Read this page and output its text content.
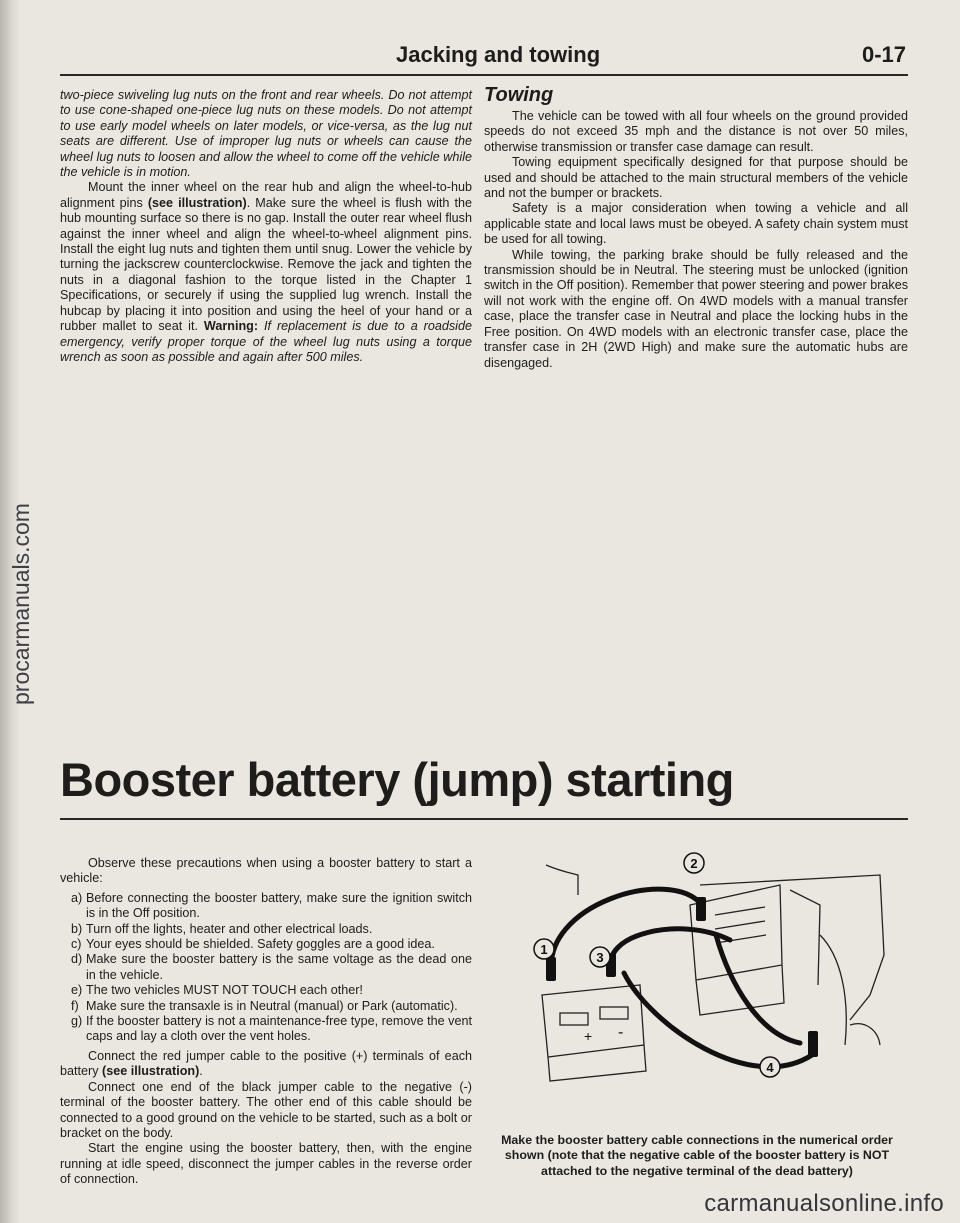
procarmanuals.com
Jacking and towing	0-17

two-piece swiveling lug nuts on the front and rear wheels. Do not attempt to use cone-shaped one-piece lug nuts on these models. Do not attempt to use early model wheels on later models, or vice-versa, as the lug nut seats are different. Use of improper lug nuts or wheels can cause the wheel lug nuts to loosen and allow the wheel to come off the vehicle while the vehicle is in motion.

Mount the inner wheel on the rear hub and align the wheel-to-hub alignment pins (see illustration). Make sure the wheel is flush with the hub mounting surface so there is no gap. Install the outer rear wheel flush against the inner wheel and align the wheel-to-wheel alignment pins. Install the eight lug nuts and tighten them until snug. Lower the vehicle by turning the jackscrew counterclockwise. Remove the jack and tighten the nuts in a diagonal fashion to the torque listed in the Chapter 1 Specifications, or securely if using the supplied lug wrench. Install the hubcap by placing it into position and using the heel of your hand or a rubber mallet to seat it. Warning: If replacement is due to a roadside emergency, verify proper torque of the wheel lug nuts using a torque wrench as soon as possible and again after 500 miles.

Towing

The vehicle can be towed with all four wheels on the ground provided speeds do not exceed 35 mph and the distance is not over 50 miles, otherwise transmission or transfer case damage can result.

Towing equipment specifically designed for that purpose should be used and should be attached to the main structural members of the vehicle and not the bumper or brackets.

Safety is a major consideration when towing a vehicle and all applicable state and local laws must be obeyed. A safety chain system must be used for all towing.

While towing, the parking brake should be fully released and the transmission should be in Neutral. The steering must be unlocked (ignition switch in the Off position). Remember that power steering and power brakes will not work with the engine off. On 4WD models with a manual transfer case, place the transfer case in Neutral and place the locking hubs in the Free position. On 4WD models with an electronic transfer case, place the transfer case in 2H (2WD High) and make sure the automatic hubs are disengaged.

Booster battery (jump) starting

Observe these precautions when using a booster battery to start a vehicle:

a) Before connecting the booster battery, make sure the ignition switch is in the Off position.
b) Turn off the lights, heater and other electrical loads.
c) Your eyes should be shielded. Safety goggles are a good idea.
d) Make sure the booster battery is the same voltage as the dead one in the vehicle.
e) The two vehicles MUST NOT TOUCH each other!
f) Make sure the transaxle is in Neutral (manual) or Park (automatic).
g) If the booster battery is not a maintenance-free type, remove the vent caps and lay a cloth over the vent holes.

Connect the red jumper cable to the positive (+) terminals of each battery (see illustration).

Connect one end of the black jumper cable to the negative (-) terminal of the booster battery. The other end of this cable should be connected to a good ground on the vehicle to be started, such as a bolt or bracket on the body.

Start the engine using the booster battery, then, with the engine running at idle speed, disconnect the jumper cables in the reverse order of connection.

+ -
1
2
3
4
Make the booster battery cable connections in the numerical order shown (note that the negative cable of the booster battery is NOT attached to the negative terminal of the dead battery)
carmanualsonline.info
